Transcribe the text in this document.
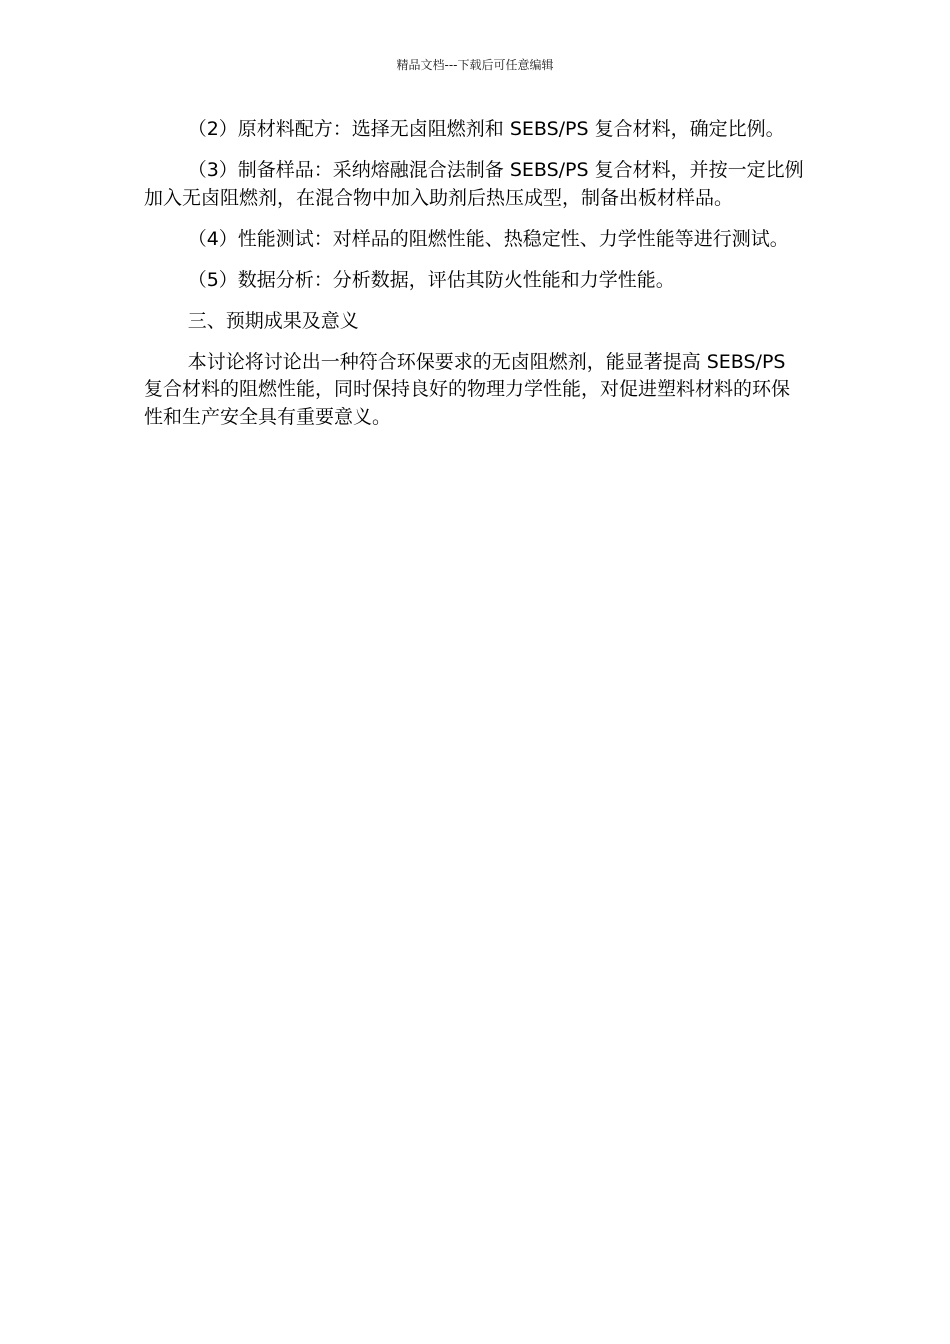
精品文档---下载后可任意编辑

（2）原材料配方：选择无卤阻燃剂和 SEBS/PS 复合材料，确定比例。

（3）制备样品：采纳熔融混合法制备 SEBS/PS 复合材料，并按一定比例加入无卤阻燃剂，在混合物中加入助剂后热压成型，制备出板材样品。

（4）性能测试：对样品的阻燃性能、热稳定性、力学性能等进行测试。

（5）数据分析：分析数据，评估其防火性能和力学性能。

三、预期成果及意义

本讨论将讨论出一种符合环保要求的无卤阻燃剂，能显著提高 SEBS/PS 复合材料的阻燃性能，同时保持良好的物理力学性能，对促进塑料材料的环保性和生产安全具有重要意义。
